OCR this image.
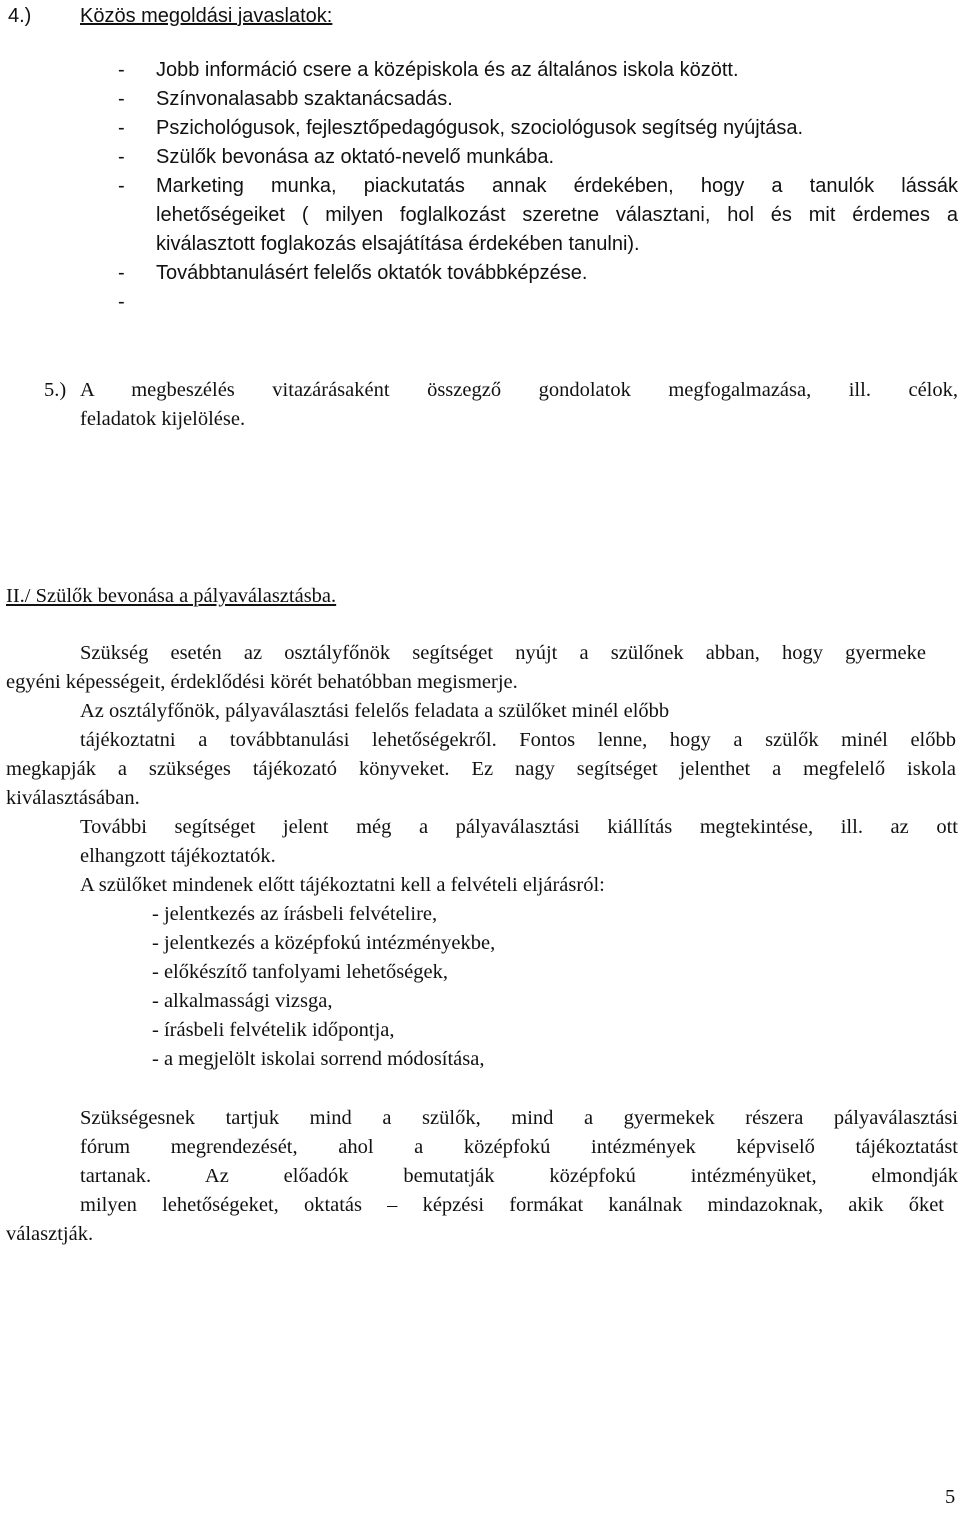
4.) Közös megoldási javaslatok:
- Jobb információ csere a középiskola és az általános iskola között.
- Színvonalasabb szaktanácsadás.
- Pszichológusok, fejlesztőpedagógusok, szociológusok segítség nyújtása.
- Szülők bevonása az oktató-nevelő munkába.
- Marketing munka, piackutatás annak érdekében, hogy a tanulók lássák
lehetőségeiket ( milyen foglalkozást szeretne választani, hol és mit érdemes a
kiválasztott foglakozás elsajátítása érdekében tanulni).
- Továbbtanulásért felelős oktatók továbbképzése.
-
5.) A megbeszélés vitazárásaként összegző gondolatok megfogalmazása, ill. célok,
feladatok kijelölése.
II./ Szülők bevonása a pályaválasztásba.
Szükség esetén az osztályfőnök segítséget nyújt a szülőnek abban, hogy gyermeke
egyéni képességeit, érdeklődési körét behatóbban megismerje.
Az osztályfőnök, pályaválasztási felelős feladata a szülőket minél előbb
tájékoztatni a továbbtanulási lehetőségekről. Fontos lenne, hogy a szülők minél előbb
megkapják a szükséges tájékozató könyveket. Ez nagy segítséget jelenthet a megfelelő iskola
kiválasztásában.
További segítséget jelent még a pályaválasztási kiállítás megtekintése, ill. az ott
elhangzott tájékoztatók.
A szülőket mindenek előtt tájékoztatni kell a felvételi eljárásról:
- jelentkezés az írásbeli felvételire,
- jelentkezés a középfokú intézményekbe,
- előkészítő tanfolyami lehetőségek,
- alkalmassági vizsga,
- írásbeli felvételik időpontja,
- a megjelölt iskolai sorrend módosítása,
Szükségesnek tartjuk mind a szülők, mind a gyermekek részera pályaválasztási
fórum megrendezését, ahol a középfokú intézmények képviselő tájékoztatást
tartanak. Az előadók bemutatják középfokú intézményüket, elmondják
milyen lehetőségeket, oktatás – képzési formákat kanálnak mindazoknak, akik őket
választják.
5
